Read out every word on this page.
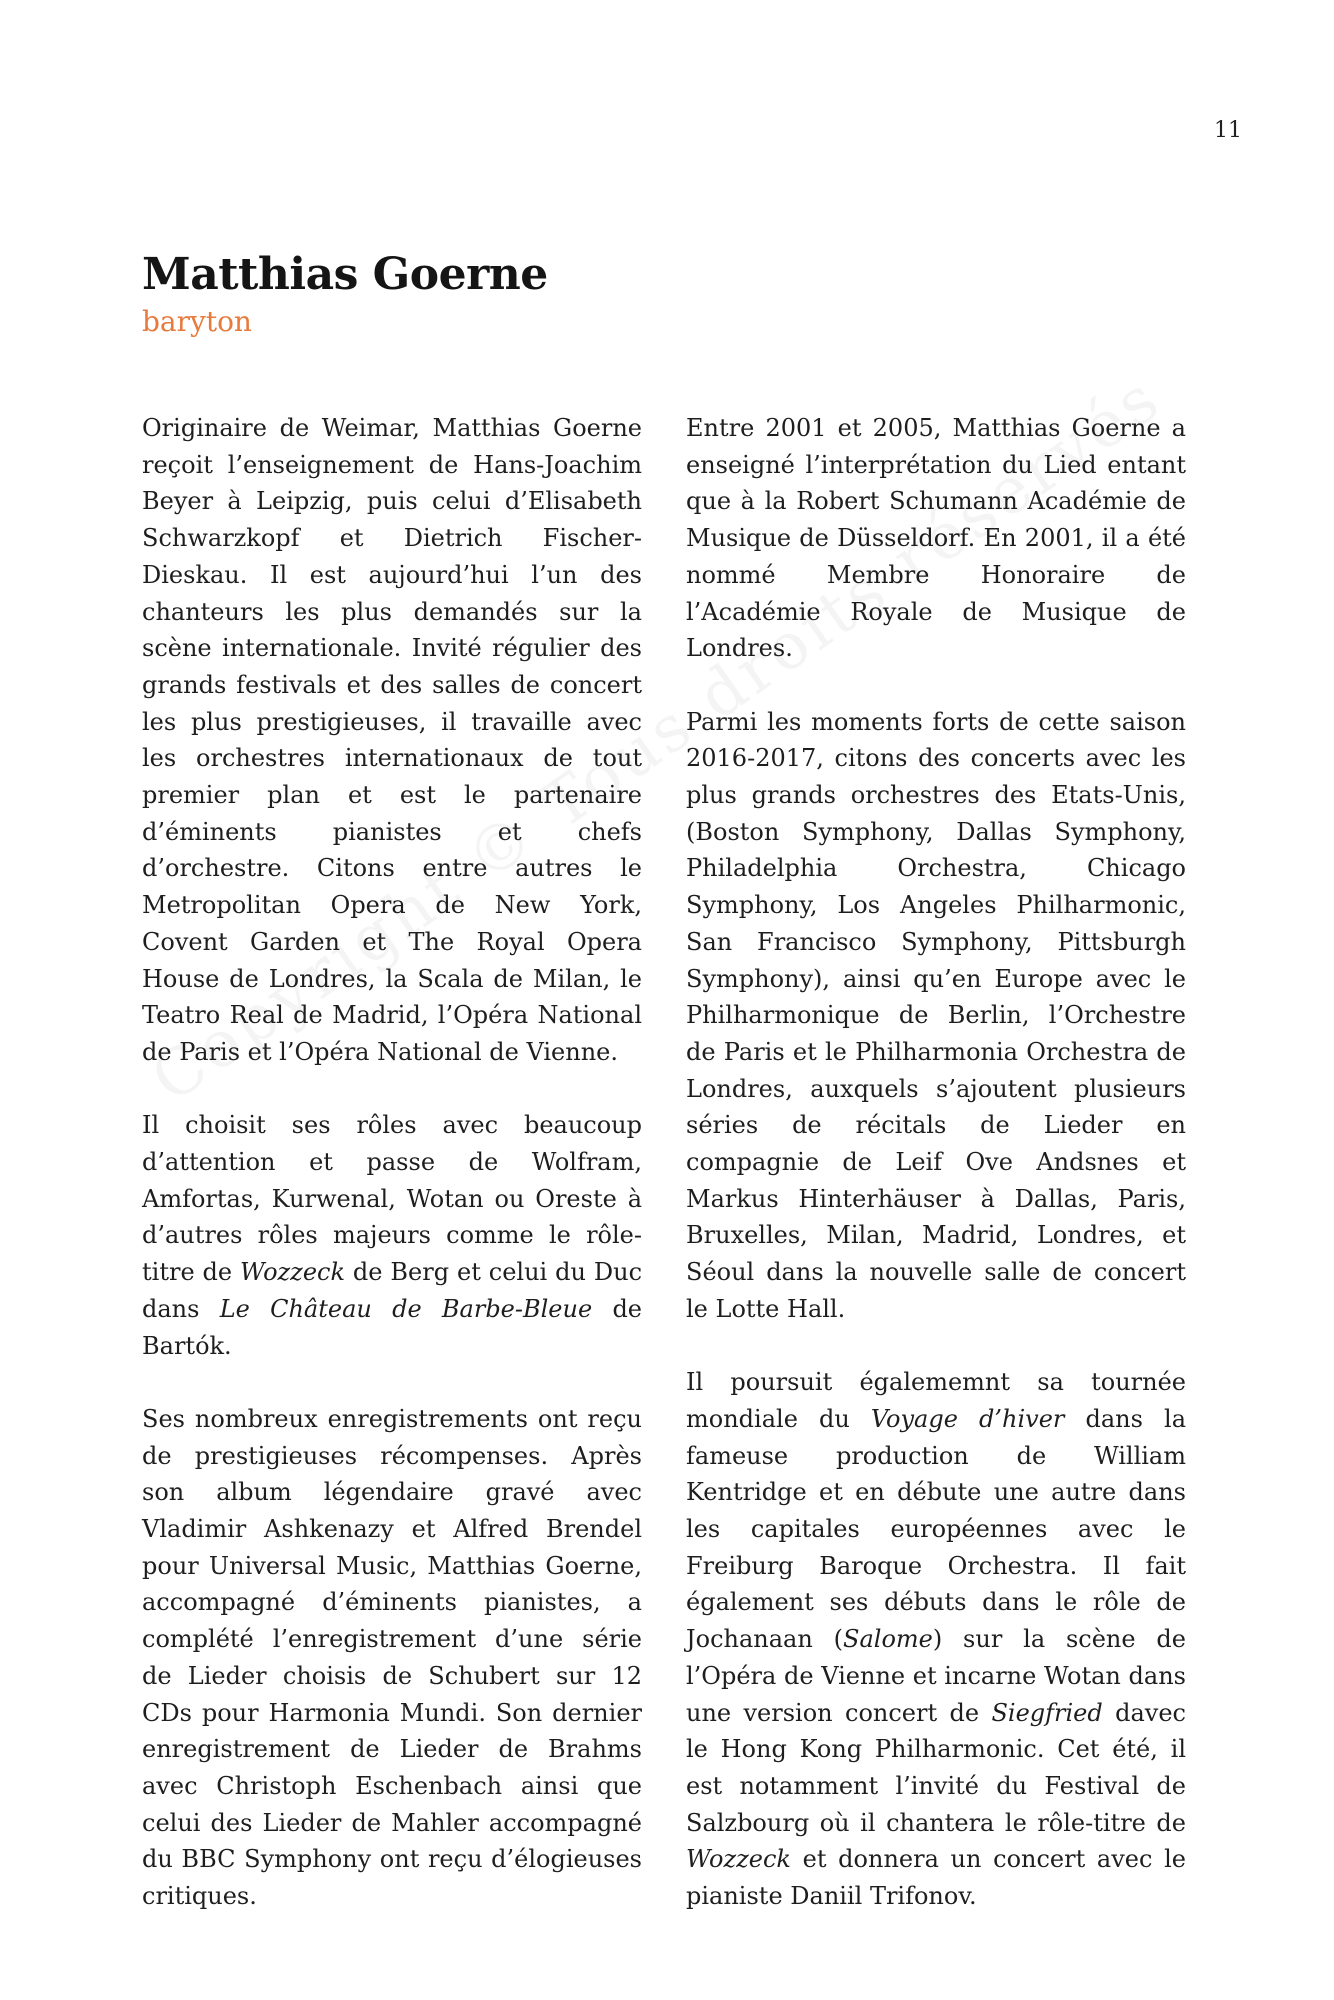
11
Matthias Goerne
baryton

Originaire de Weimar, Matthias Goerne reçoit l’enseignement de Hans-Joachim Beyer à Leipzig, puis celui d’Elisabeth Schwarzkopf et Dietrich Fischer-Dieskau. Il est aujourd’hui l’un des chanteurs les plus demandés sur la scène internationale. Invité régulier des grands festivals et des salles de concert les plus prestigieuses, il travaille avec les orchestres internationaux de tout premier plan et est le partenaire d’éminents pianistes et chefs d’orchestre. Citons entre autres le Metropolitan Opera de New York, Covent Garden et The Royal Opera House de Londres, la Scala de Milan, le Teatro Real de Madrid, l’Opéra National de Paris et l’Opéra National de Vienne.

Il choisit ses rôles avec beaucoup d’attention et passe de Wolfram, Amfortas, Kurwenal, Wotan ou Oreste à d’autres rôles majeurs comme le rôle-titre de Wozzeck de Berg et celui du Duc dans Le Château de Barbe-Bleue de Bartók.

Ses nombreux enregistrements ont reçu de prestigieuses récompenses. Après son album légendaire gravé avec Vladimir Ashkenazy et Alfred Brendel pour Universal Music, Matthias Goerne, accompagné d’éminents pianistes, a complété l’enregistrement d’une série de Lieder choisis de Schubert sur 12 CDs pour Harmonia Mundi. Son dernier enregistrement de Lieder de Brahms avec Christoph Eschenbach ainsi que celui des Lieder de Mahler accompagné du BBC Symphony ont reçu d’élogieuses critiques.

Entre 2001 et 2005, Matthias Goerne a enseigné l’interprétation du Lied entant que à la Robert Schumann Académie de Musique de Düsseldorf. En 2001, il a été nommé Membre Honoraire de l’Académie Royale de Musique de Londres.

Parmi les moments forts de cette saison 2016-2017, citons des concerts avec les plus grands orchestres des Etats-Unis, (Boston Symphony, Dallas Symphony, Philadelphia Orchestra, Chicago Symphony, Los Angeles Philharmonic, San Francisco Symphony, Pittsburgh Symphony), ainsi qu’en Europe avec le Philharmonique de Berlin, l’Orchestre de Paris et le Philharmonia Orchestra de Londres, auxquels s’ajoutent plusieurs séries de récitals de Lieder en compagnie de Leif Ove Andsnes et Markus Hinterhäuser à Dallas, Paris, Bruxelles, Milan, Madrid, Londres, et Séoul dans la nouvelle salle de concert le Lotte Hall.

Il poursuit égalememnt sa tournée mondiale du Voyage d’hiver dans la fameuse production de William Kentridge et en débute une autre dans les capitales européennes avec le Freiburg Baroque Orchestra. Il fait également ses débuts dans le rôle de Jochanaan (Salome) sur la scène de l’Opéra de Vienne et incarne Wotan dans une version concert de Siegfried davec le Hong Kong Philharmonic. Cet été, il est notamment l’invité du Festival de Salzbourg où il chantera le rôle-titre de Wozzeck et donnera un concert avec le pianiste Daniil Trifonov.
